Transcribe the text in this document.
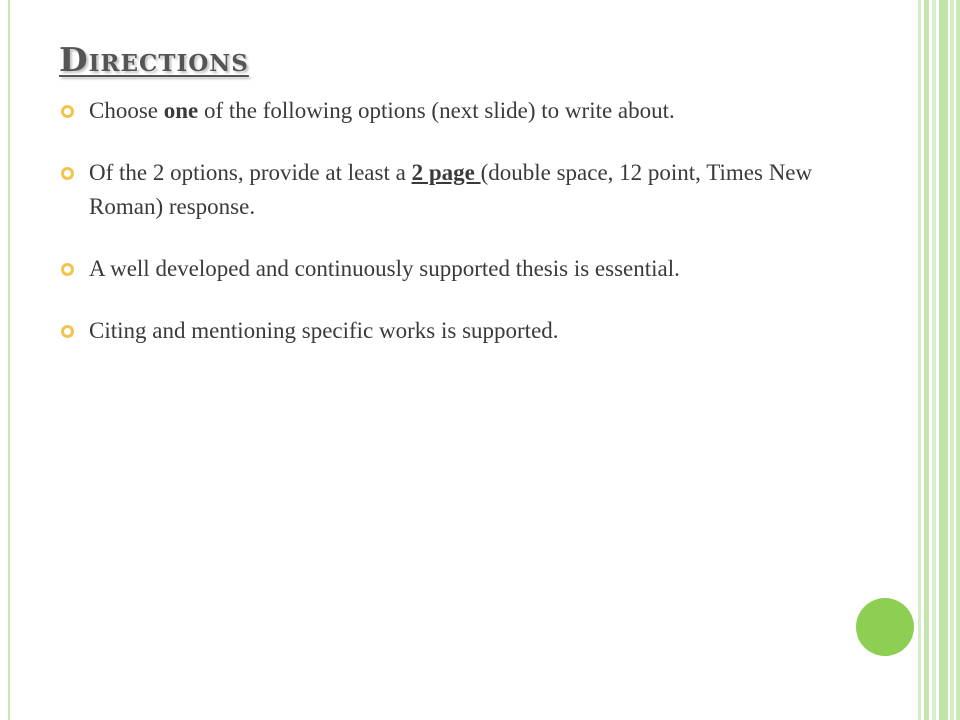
Directions
Choose one of the following options (next slide) to write about.
Of the 2 options, provide at least a 2 page (double space, 12 point, Times New Roman) response.
A well developed and continuously supported thesis is essential.
Citing and mentioning specific works is supported.
